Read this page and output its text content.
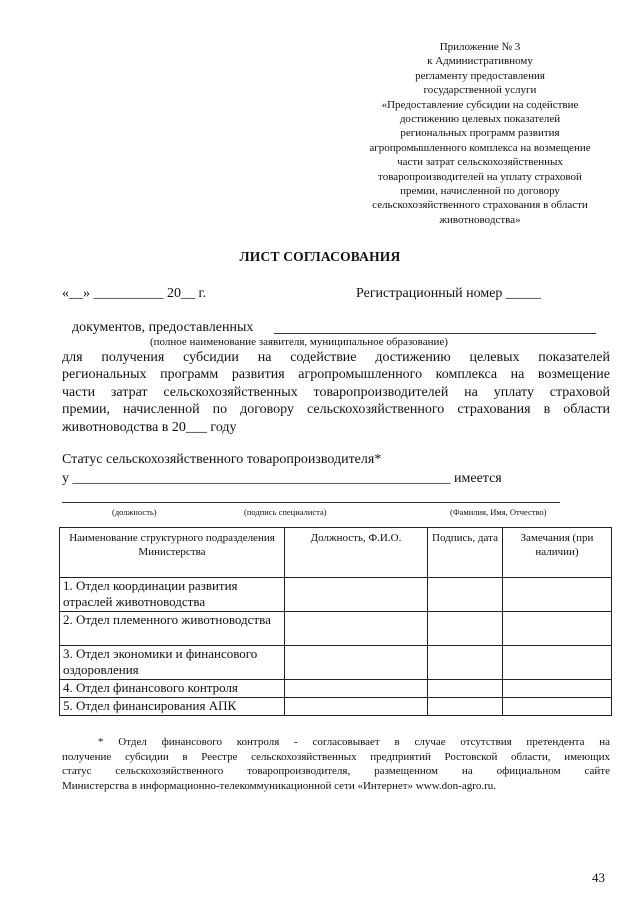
Приложение № 3
к Административному
регламенту предоставления
государственной услуги
«Предоставление субсидии на содействие
достижению целевых показателей
региональных программ развития
агропромышленного комплекса на возмещение
части затрат сельскохозяйственных
товаропроизводителей на уплату страховой
премии, начисленной по договору
сельскохозяйственного страхования в области
животноводства»
ЛИСТ СОГЛАСОВАНИЯ
«__» __________ 20__ г.	Регистрационный номер _____
документов, предоставленных
(полное наименование заявителя, муниципальное образование)
для получения субсидии на содействие достижению целевых показателей
региональных программ развития агропромышленного комплекса на возмещение
части затрат сельскохозяйственных товаропроизводителей на уплату страховой
премии, начисленной по договору сельскохозяйственного страхования в области
животноводства в 20___ году
Статус сельскохозяйственного товаропроизводителя*
у ______________________________________________________ имеется
(должность)	(подпись специалиста)	(Фамилия, Имя, Отчество)
Наименование структурного подразделения Министерства	Должность, Ф.И.О.	Подпись, дата	Замечания (при наличии)
1. Отдел координации развития отраслей животноводства			
2. Отдел племенного животноводства			
3. Отдел экономики и финансового оздоровления			
4. Отдел финансового контроля			
5. Отдел финансирования АПК			
* Отдел финансового контроля - согласовывает в случае отсутствия претендента на
получение субсидии в Реестре сельскохозяйственных предприятий Ростовской области, имеющих
статус сельскохозяйственного товаропроизводителя, размещенном на официальном сайте
Министерства в информационно-телекоммуникационной сети «Интернет» www.don-agro.ru.
43
